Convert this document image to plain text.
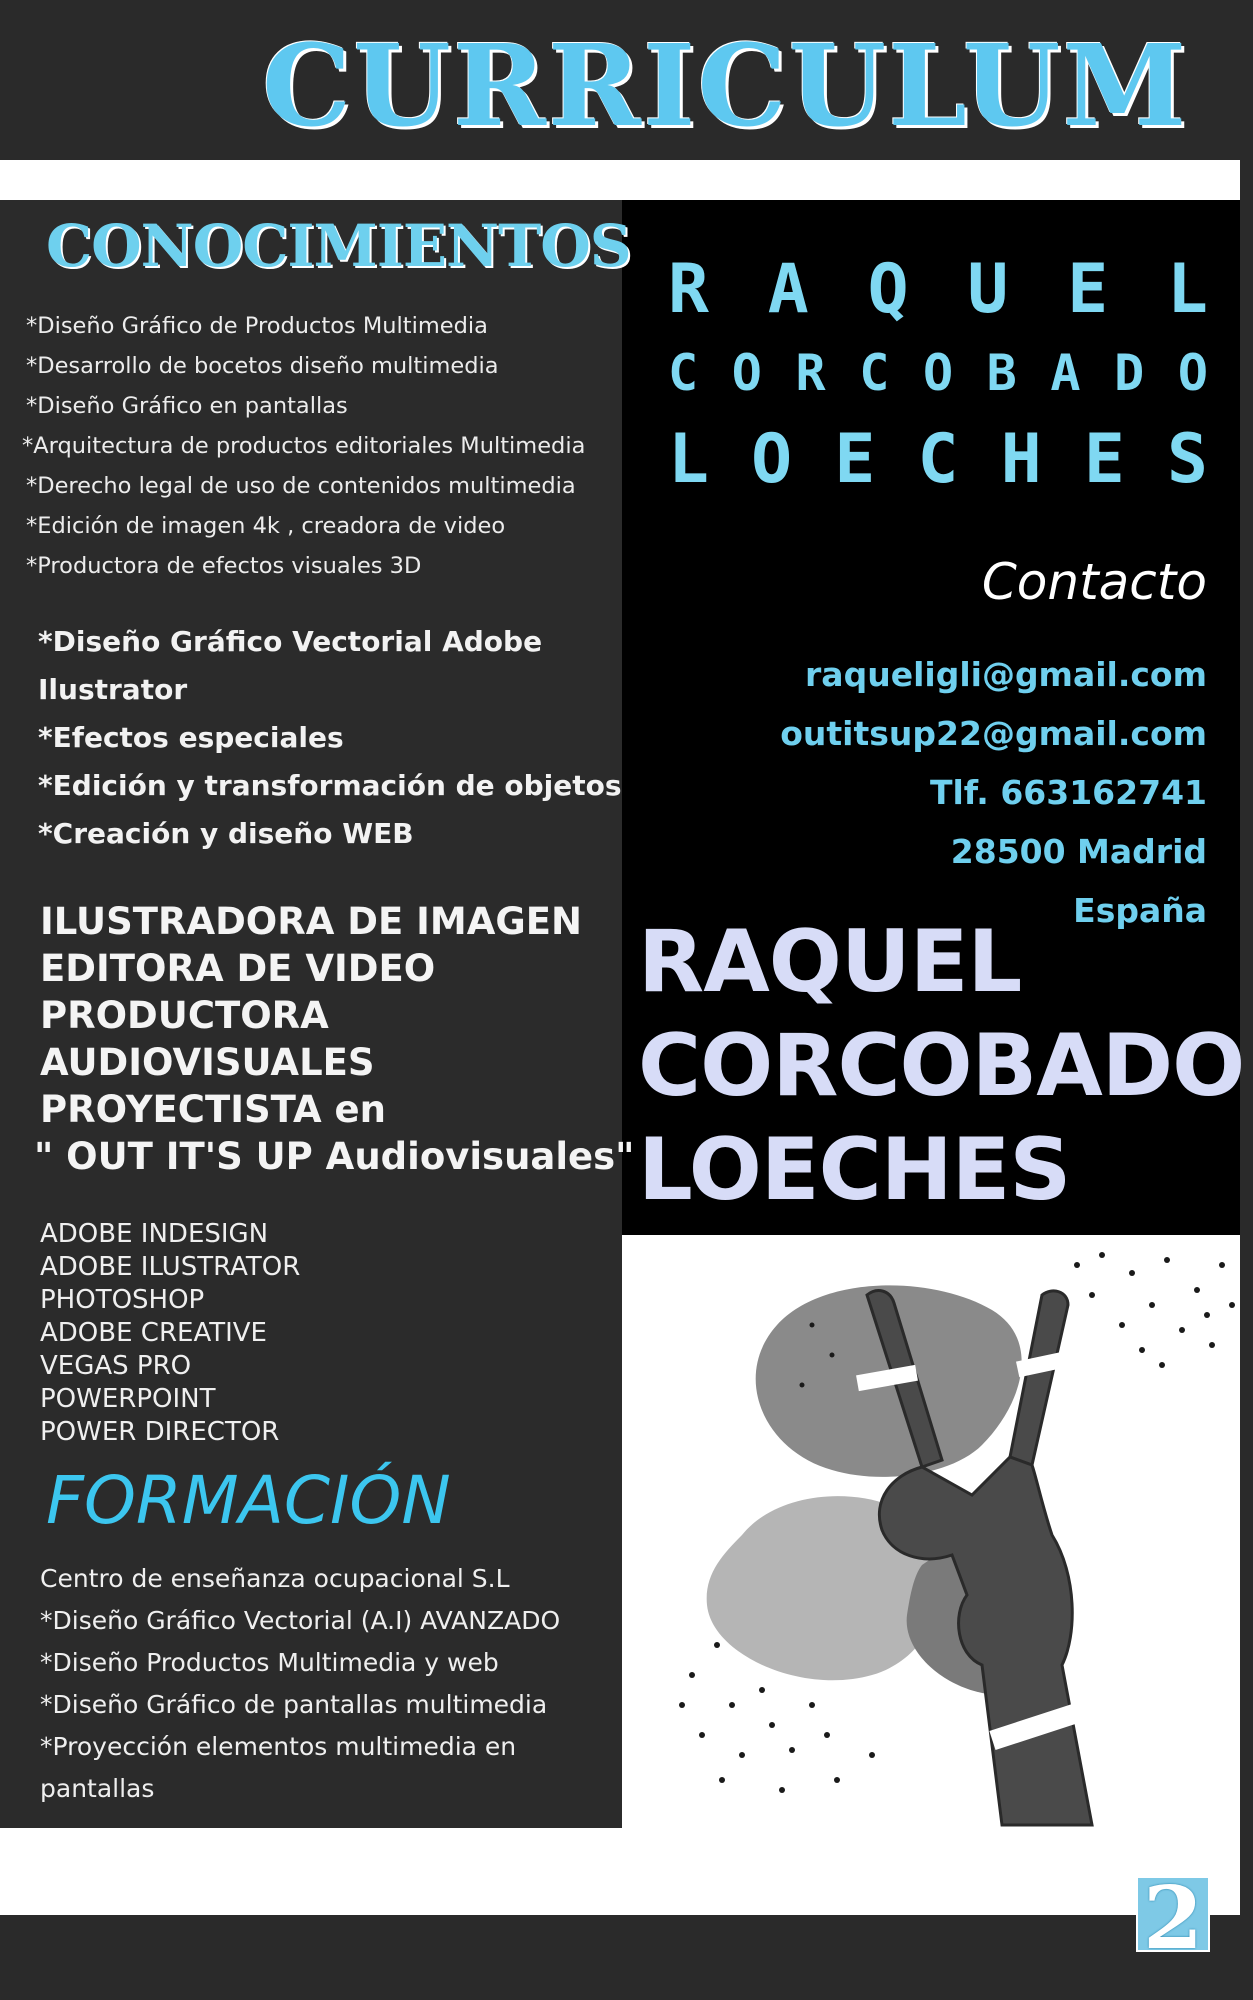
CURRICULUM
CONOCIMIENTOS
*Diseño Gráfico de Productos Multimedia
*Desarrollo de bocetos diseño multimedia
*Diseño Gráfico en pantallas
*Arquitectura de productos editoriales Multimedia
*Derecho legal de uso de contenidos multimedia
*Edición de imagen 4k , creadora de video
*Productora de efectos visuales 3D
*Diseño Gráfico Vectorial Adobe
Ilustrator
*Efectos especiales
*Edición y transformación de objetos
*Creación y diseño WEB
ILUSTRADORA DE IMAGEN
EDITORA DE VIDEO
PRODUCTORA
AUDIOVISUALES
PROYECTISTA en
" OUT IT'S UP Audiovisuales"
ADOBE INDESIGN
ADOBE ILUSTRATOR
PHOTOSHOP
ADOBE CREATIVE
VEGAS PRO
POWERPOINT
POWER DIRECTOR
FORMACIÓN
Centro de enseñanza ocupacional S.L
*Diseño Gráfico Vectorial (A.I) AVANZADO
*Diseño Productos Multimedia y web
*Diseño Gráfico de pantallas multimedia
*Proyección elementos multimedia en
pantallas
R A Q U E L
C O R C O B A D O
L O E C H E S
Contacto
raqueligli@gmail.com
outitsup22@gmail.com
Tlf. 663162741
28500 Madrid
España
RAQUEL
CORCOBADO
LOECHES
2
